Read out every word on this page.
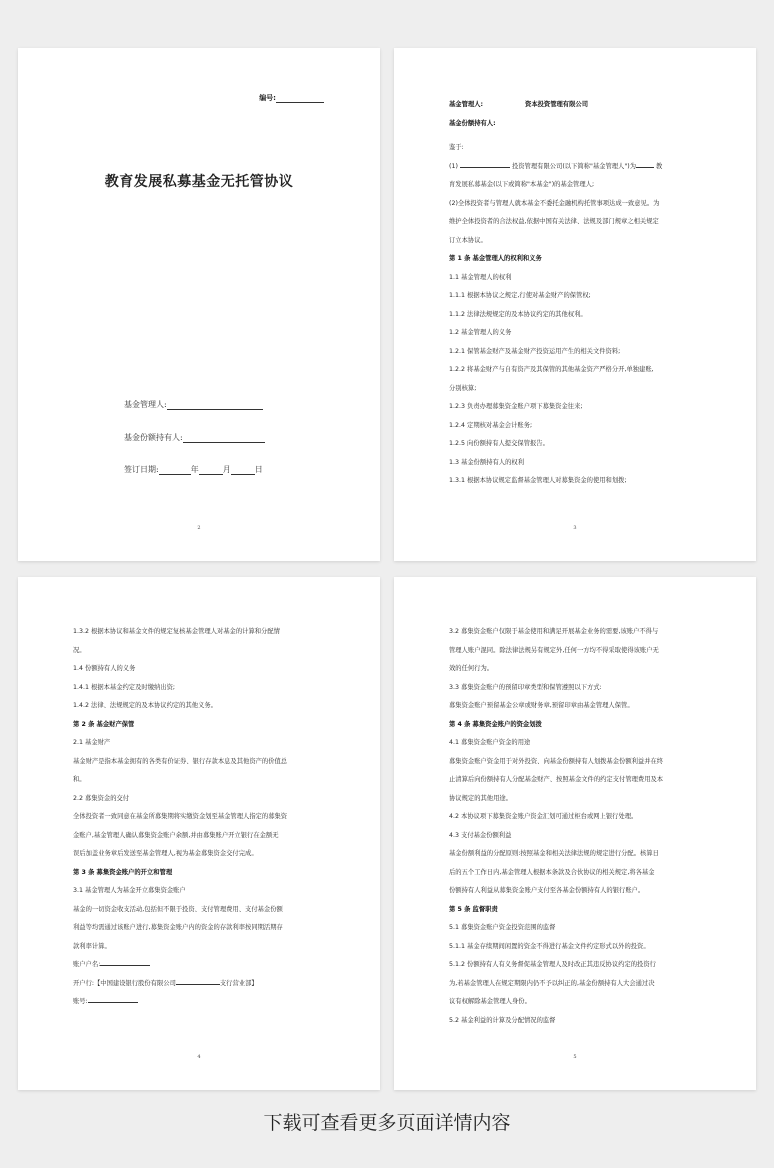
编号:
教育发展私募基金无托管协议
基金管理人:
基金份额持有人:
签订日期:	年	月	日
2
基金管理人:	资本投资管理有限公司
基金份额持有人:
鉴于:
(1)	投资管理有限公司(以下简称"基金管理人")为	教
育发展私募基金(以下或简称"本基金")的基金管理人;
(2)全体投资者与管理人就本基金不委托金融机构托管事项达成一致意见。为
维护全体投资者的合法权益,依据中国有关法律、法规及部门规章之相关规定
订立本协议。
第 1 条 基金管理人的权利和义务
1.1 基金管理人的权利
1.1.1 根据本协议之规定,行使对基金财产的保管权;
1.1.2 法律法规规定的及本协议约定的其他权利。
1.2 基金管理人的义务
1.2.1 保管基金财产及基金财产投资运用产生的相关文件资料;
1.2.2 将基金财产与自有资产及其保管的其他基金资产严格分开,单独建账,
分别核算;
1.2.3 负责办理募集资金账户项下募集资金往来;
1.2.4 定期核对基金会计账务;
1.2.5 向份额持有人提交保管报告。
1.3 基金份额持有人的权利
1.3.1 根据本协议规定监督基金管理人对募集资金的使用和划拨;
3
1.3.2 根据本协议和基金文件的规定复核基金管理人对基金的计算和分配情
况。
1.4 份额持有人的义务
1.4.1 根据本基金约定及时缴纳出资;
1.4.2 法律、法规规定的及本协议约定的其他义务。
第 2 条 基金财产保管
2.1 基金财产
基金财产是指本基金拥有的各类有价证券、银行存款本息及其他资产的价值总
和。
2.2 募集资金的交付
全体投资者一致同意在基金所募集期将实缴资金划至基金管理人指定的募集资
金账户,基金管理人确认募集资金账户余额,并由募集账户开立银行在金额无
误后加盖业务章后发送至基金管理人,视为基金募集资金交付完成。
第 3 条 募集资金账户的开立和管理
3.1 基金管理人为基金开立募集资金账户
基金的一切资金收支活动,包括但不限于投资、支付管理费用、支付基金份额
利益等均需通过该账户进行,募集资金账户内的资金的存款利率按同期活期存
款利率计算。
账户户名:
开户行:【中国建设银行股份有限公司	支行营业部】
账号:
4
3.2 募集资金账户仅限于基金使用和满足开展基金业务的需要,该账户不得与
管理人账户混同。除法律法规另有规定外,任何一方均不得采取使得该账户无
效的任何行为。
3.3 募集资金账户的预留印章类型和保管遵照以下方式:
募集资金账户预留基金公章或财务章,预留印章由基金管理人保管。
第 4 条 募集资金账户的资金划拨
4.1 募集资金账户资金的用途
募集资金账户资金用于对外投资、向基金份额持有人划拨基金份额利益并在终
止清算后向份额持有人分配基金财产、按照基金文件的约定支付管理费用及本
协议规定的其他用途。
4.2 本协议项下募集资金账户资金汇划可通过柜台或网上银行处理。
4.3 支付基金份额利益
基金份额利益的分配原则:按照基金和相关法律法规的规定进行分配。核算日
后的五个工作日内,基金管理人根据本条款及合伙协议的相关规定,将各基金
份额持有人利益从募集资金账户支付至各基金份额持有人的银行账户。
第 5 条 监督职责
5.1 募集资金账户资金投资范围的监督
5.1.1 基金存续期间闲置的资金不得进行基金文件约定形式以外的投资。
5.1.2 份额持有人有义务督促基金管理人及时改正其违反协议约定的投资行
为,若基金管理人在规定期限内仍不予以纠正的,基金份额持有人大会通过决
议有权解除基金管理人身份。
5.2 基金利益的计算及分配情况的监督
5
下载可查看更多页面详情内容
